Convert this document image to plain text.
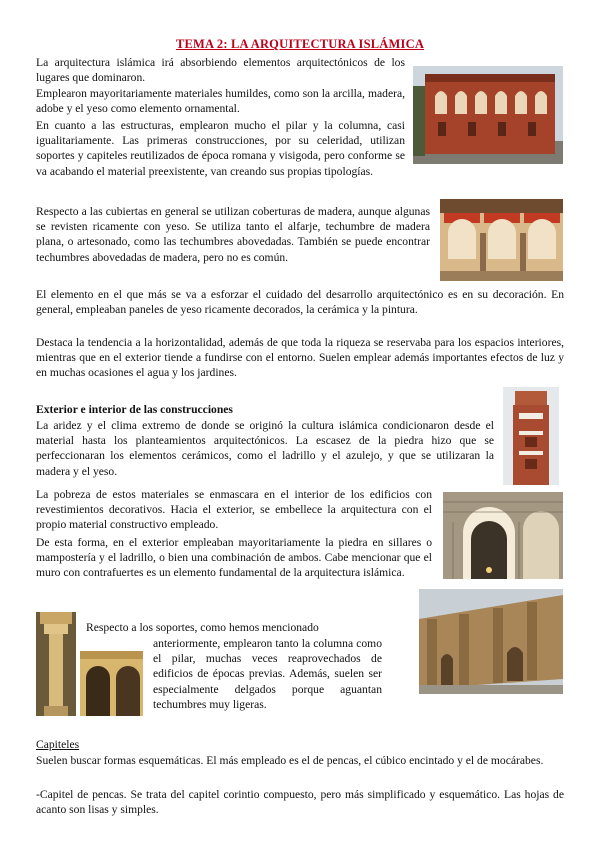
TEMA 2: LA ARQUITECTURA ISLÁMICA

La arquitectura islámica irá absorbiendo elementos arquitectónicos de los lugares que dominaron.

Emplearon mayoritariamente materiales humildes, como son la arcilla, madera, adobe y el yeso como elemento ornamental.

En cuanto a las estructuras, emplearon mucho el pilar y la columna, casi igualitariamente. Las primeras construcciones, por su celeridad, utilizan soportes y capiteles reutilizados de época romana y visigoda, pero conforme se va acabando el material preexistente, van creando sus propias tipologías.

Respecto a las cubiertas en general se utilizan coberturas de madera, aunque algunas se revisten ricamente con yeso. Se utiliza tanto el alfarje, techumbre de madera plana, o artesonado, como las techumbres abovedadas. También se puede encontrar techumbres abovedadas de madera, pero no es común.

El elemento en el que más se va a esforzar el cuidado del desarrollo arquitectónico es en su decoración. En general, empleaban paneles de yeso ricamente decorados, la cerámica y la pintura.

Destaca la tendencia a la horizontalidad, además de que toda la riqueza se reservaba para los espacios interiores, mientras que en el exterior tiende a fundirse con el entorno. Suelen emplear además importantes efectos de luz y en muchas ocasiones el agua y los jardines.

Exterior e interior de las construcciones

La aridez y el clima extremo de donde se originó la cultura islámica condicionaron desde el material hasta los planteamientos arquitectónicos. La escasez de la piedra hizo que se perfeccionaran los elementos cerámicos, como el ladrillo y el azulejo, y que se utilizaran la madera y el yeso.

La pobreza de estos materiales se enmascara en el interior de los edificios con revestimientos decorativos. Hacia el exterior, se embellece la arquitectura con el propio material constructivo empleado.

De esta forma, en el exterior empleaban mayoritariamente la piedra en sillares o mampostería y el ladrillo, o bien una combinación de ambos. Cabe mencionar que el muro con contrafuertes es un elemento fundamental de la arquitectura islámica.

Respecto a los soportes, como hemos mencionado

anteriormente, emplearon tanto la columna como el pilar, muchas veces reaprovechados de edificios de épocas previas. Además, suelen ser especialmente delgados porque aguantan techumbres muy ligeras.

Capiteles

Suelen buscar formas esquemáticas. El más empleado es el de pencas, el cúbico encintado y el de mocárabes.

-Capitel de pencas. Se trata del capitel corintio compuesto, pero más simplificado y esquemático. Las hojas de acanto son lisas y simples.
